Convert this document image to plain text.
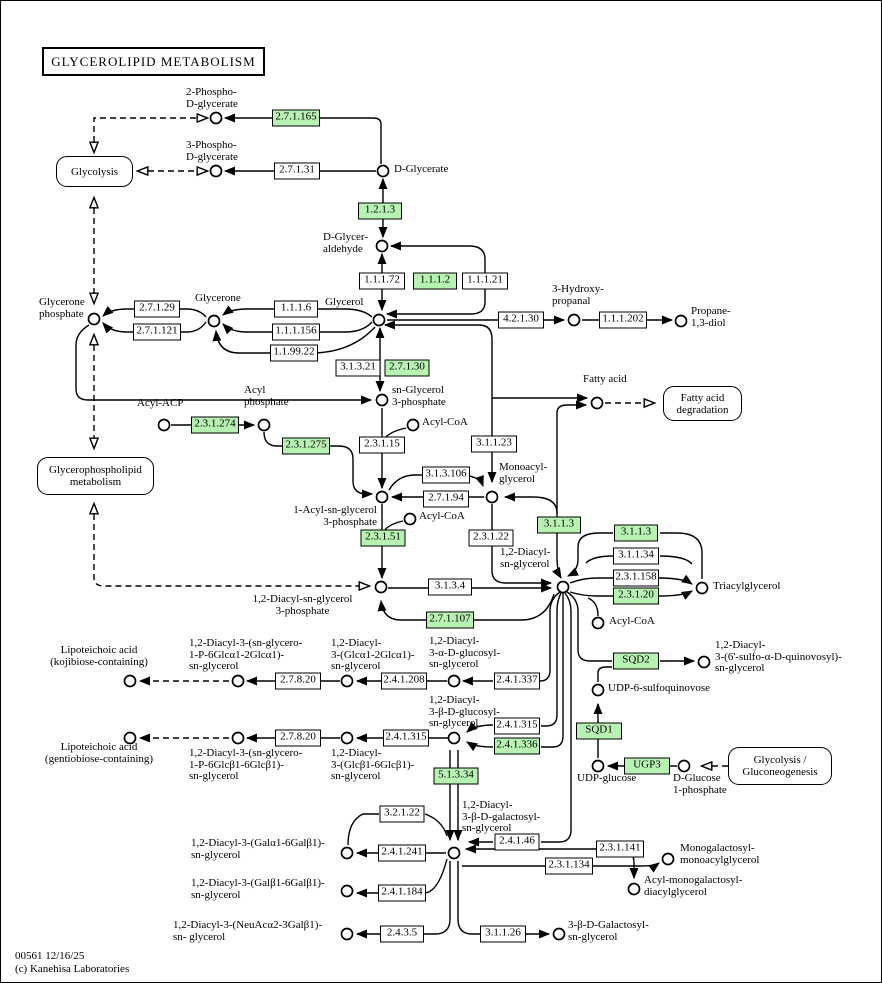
GLYCEROLIPID METABOLISM
2.7.1.165
2.7.1.31
1.2.1.3
1.1.1.72	1.1.1.2	1.1.1.21
2.7.1.29
2.7.1.121
1.1.1.6
1.1.1.156
1.1.99.22
4.2.1.30	1.1.1.202
3.1.3.21	2.7.1.30
2.3.1.274
2.3.1.275	2.3.1.15	3.1.1.23
3.1.3.106
2.7.1.94
2.3.1.51	2.3.1.22
3.1.1.3
3.1.1.3
3.1.1.34
2.3.1.158
2.3.1.20
3.1.3.4
2.7.1.107
SQD2
SQD1
UGP3
2.7.8.20	2.4.1.208	2.4.1.337
2.7.8.20	2.4.1.315
2.4.1.315
2.4.1.336
5.1.3.34
3.2.1.22
2.4.1.241
2.4.1.46
2.3.1.141
2.3.1.134
2.4.1.184
2.4.3.5	3.1.1.26
2-Phospho-
D-glycerate
3-Phospho-
D-glycerate
D-Glycerate
D-Glycer-
aldehyde
Glycerone
phosphate
Glycerone	Glycerol
3-Hydroxy-
propanal
Propane-
1,3-diol
sn-Glycerol
3-phosphate
Acyl-ACP
Acyl
phosphate
Acyl-CoA
1-Acyl-sn-glycerol
3-phosphate
Monoacyl-
glycerol
Acyl-CoA
Fatty acid
1,2-Diacyl-sn-glycerol
3-phosphate
1,2-Diacyl-
sn-glycerol
Triacylglycerol
Acyl-CoA
1,2-Diacyl-
3-(6'-sulfo-α-D-quinovosyl)-
sn-glycerol
UDP-6-sulfoquinovose
UDP-glucose	D-Glucose
1-phosphate
Lipoteichoic acid
(kojibiose-containing)
1,2-Diacyl-3-(sn-glycero-
1-P-6Glcα1-2Glcα1)-
sn-glycerol
1,2-Diacyl-
3-(Glcα1-2Glcα1)-
sn-glycerol
1,2-Diacyl-
3-α-D-glucosyl-
sn-glycerol
Lipoteichoic acid
(gentiobiose-containing)	1,2-Diacyl-3-(sn-glycero-
1-P-6Glcβ1-6Glcβ1)-
sn-glycerol
1,2-Diacyl-
3-(Glcβ1-6Glcβ1)-
sn-glycerol
1,2-Diacyl-
3-β-D-glucosyl-
sn-glycerol
1,2-Diacyl-
3-β-D-galactosyl-
sn-glycerol
1,2-Diacyl-3-(Galα1-6Galβ1)-
sn-glycerol
1,2-Diacyl-3-(Galβ1-6Galβ1)-
sn-glycerol
1,2-Diacyl-3-(NeuAcα2-3Galβ1)-
sn- glycerol
Monogalactosyl-
monoacylglycerol
Acyl-monogalactosyl-
diacylglycerol
3-β-D-Galactosyl-
sn-glycerol
Glycolysis
Glycerophospholipid
metabolism
Fatty acid
degradation
Glycolysis /
Gluconeogenesis
00561 12/16/25
(c) Kanehisa Laboratories
